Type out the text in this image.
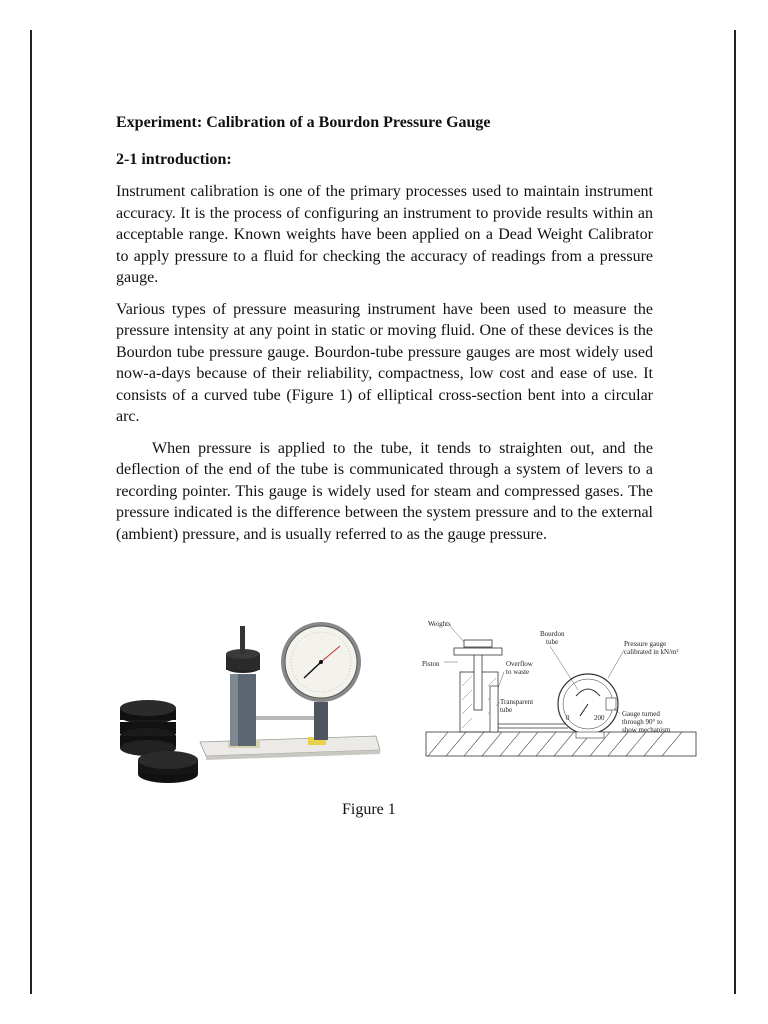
Experiment: Calibration of a Bourdon Pressure Gauge
2-1 introduction:

Instrument calibration is one of the primary processes used to maintain instrument accuracy. It is the process of configuring an instrument to provide results within an acceptable range. Known weights have been applied on a Dead Weight Calibrator to apply pressure to a fluid for checking the accuracy of readings from a pressure gauge.

Various types of pressure measuring instrument have been used to measure the pressure intensity at any point in static or moving fluid. One of these devices is the Bourdon tube pressure gauge. Bourdon-tube pressure gauges are most widely used now-a-days because of their reliability, compactness, low cost and ease of use. It consists of a curved tube (Figure 1) of elliptical cross-section bent into a circular arc.

When pressure is applied to the tube, it tends to straighten out, and the deflection of the end of the tube is communicated through a system of levers to a recording pointer. This gauge is widely used for steam and compressed gases. The pressure indicated is the difference between the system pressure and to the external (ambient) pressure, and is usually referred to as the gauge pressure.

0	200
Weights
Piston
Bourdon
tube
Overflow
to waste
Transparent
tube
Pressure gauge
calibrated in kN/m²
Gauge turned
through 90° to
show mechanism
Figure 1
